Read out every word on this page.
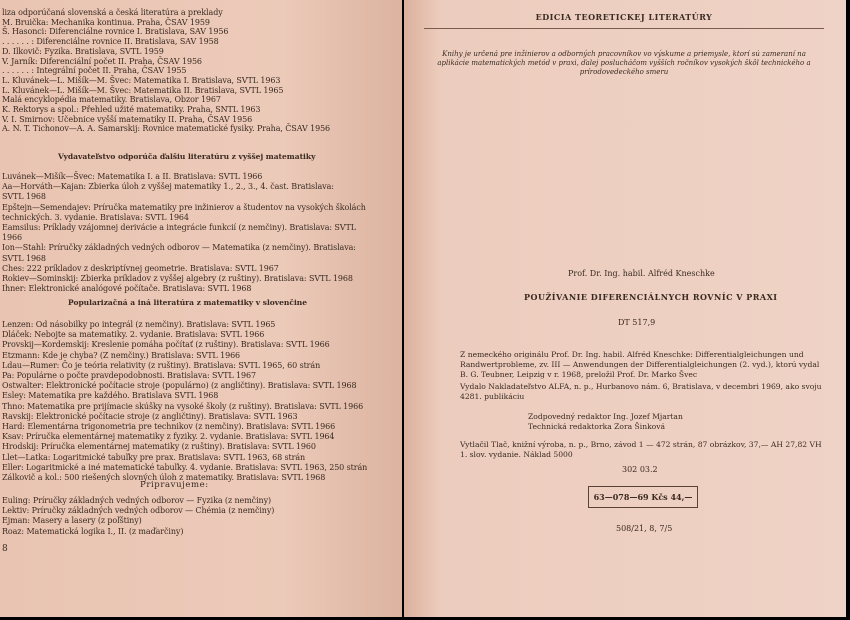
liza odporúčaná slovenská a česká literatúra a preklady
M. Bruička: Mechanika kontinua. Praha, ČSAV 1959
Š. Hasonci: Diferenciálne rovnice I. Bratislava, SAV 1956
. . . . . . : Diferenciálne rovnice II. Bratislava, SAV 1958
D. Ilkovič: Fyzika. Bratislava, SVTL 1959
V. Jarník: Diferenciální počet II. Praha, ČSAV 1956
. . . . . . : Integrální počet II. Praha, ČSAV 1955
L. Kluvánek—L. Mišík—M. Švec: Matematika I. Bratislava, SVTL 1963
L. Kluvánek—L. Mišík—M. Švec: Matematika II. Bratislava, SVTL 1965
Malá encyklopédia matematiky. Bratislava, Obzor 1967
K. Rektorys a spol.: Přehled užité matematiky. Praha, SNTL 1963
V. I. Smirnov: Učebnice vyšší matematiky II. Praha, ČSAV 1956
A. N. T. Tichonov—A. A. Samarskij: Rovnice matematické fysiky. Praha, ČSAV 1956
Vydavateľstvo odporúča ďalšiu literatúru z vyššej matematiky
Luvánek—Mišík—Švec: Matematika I. a II. Bratislava: SVTL 1966
Aa—Horváth—Kajan: Zbierka úloh z vyššej matematiky 1., 2., 3., 4. čast. Bratislava:
SVTL 1968
Epštejn—Semendajev: Príručka matematiky pre inžinierov a študentov na vysokých školách
technických. 3. vydanie. Bratislava: SVTL 1964
Eamsilus: Príklady vzájomnej derivácie a integrácie funkcií (z nemčiny). Bratislava: SVTL
1966
Ion—Stahl: Príručky základných vedných odborov — Matematika (z nemčiny). Bratislava:
SVTL 1968
Ches: 222 príkladov z deskriptívnej geometrie. Bratislava: SVTL 1967
Rokiev—Sominskij: Zbierka príkladov z vyššej algebry (z ruštiny). Bratislava: SVTL 1968
Ihner: Elektronické analógové počítače. Bratislava: SVTL 1968
Popularizačná a iná literatúra z matematiky v slovenčine
Lenzen: Od násobilky po integrál (z nemčiny). Bratislava: SVTL 1965
Dláček: Nebojte sa matematiky. 2. vydanie. Bratislava: SVTL 1966
Provskij—Kordemskij: Kreslenie pomáha počítať (z ruštiny). Bratislava: SVTL 1966
Etzmann: Kde je chyba? (Z nemčiny.) Bratislava: SVTL 1966
Ldau—Rumer: Čo je teória relativity (z ruštiny). Bratislava: SVTL 1965, 60 strán
Pa: Populárne o počte pravdepodobnosti. Bratislava: SVTL 1967
Ostwalter: Elektronické počítacie stroje (populárno) (z angličtiny). Bratislava: SVTL 1968
Esley: Matematika pre každého. Bratislava SVTL 1968
Thno: Matematika pre prijímacie skúšky na vysoké školy (z ruštiny). Bratislava: SVTL 1966
Ravskij: Elektronické počítacie stroje (z angličtiny). Bratislava: SVTL 1963
Hard: Elementárna trigonometria pre technikov (z nemčiny). Bratislava: SVTL 1966
Ksav: Príručka elementárnej matematiky z fyziky. 2. vydanie. Bratislava: SVTL 1964
Hrodskij: Príručka elementárnej matematiky (z ruštiny). Bratislava: SVTL 1960
Llet—Latka: Logaritmické tabuľky pre prax. Bratislava: SVTL 1963, 68 strán
Eller: Logaritmické a iné matematické tabuľky. 4. vydanie. Bratislava: SVTL 1963, 250 strán
Zálkovič a kol.: 500 riešených slovných úloh z matematiky. Bratislava: SVTL 1968
Pripravujeme:
Euling: Príručky základných vedných odborov — Fyzika (z nemčiny)
Lektiv: Príručky základných vedných odborov — Chémia (z nemčiny)
Ejman: Masery a lasery (z poľštiny)
Roaz: Matematická logika I., II. (z maďarčiny)
8
EDICIA TEORETICKEJ LITERATÚRY
Knihy je určená pre inžinierov a odborných pracovníkov vo výskume a priemysle, ktorí sú zameraní na aplikácie matematických metód v praxi, ďalej poslucháčom vyšších ročníkov vysokých škôl technického a prírodovedeckého smeru
Prof. Dr. Ing. habil. Alfréd Kneschke
POUŽÍVANIE DIFERENCIÁLNYCH ROVNÍC V PRAXI
DT 517,9
Z nemeckého originálu Prof. Dr. Ing. habil. Alfréd Kneschke: Differentialgleichungen und
Randwertprobleme, zv. III — Anwendungen der Differentialgleichungen (2. vyd.), ktorú vydal
B. G. Teubner, Leipzig v r. 1968, preložil Prof. Dr. Marko Švec
Vydalo Nakladateľstvo ALFA, n. p., Hurbanovo nám. 6, Bratislava, v decembri 1969, ako svoju
4281. publikáciu
Zodpovedný redaktor Ing. Jozef Mjartan
Technická redaktorka Zora Šinková
Vytlačil Tlač, knižní výroba, n. p., Brno, závod 1 — 472 strán, 87 obrázkov, 37,— AH 27,82 VH
1. slov. vydanie. Náklad 5000
302 03.2
63—078—69 Kčs 44,—
508/21, 8, 7/5
